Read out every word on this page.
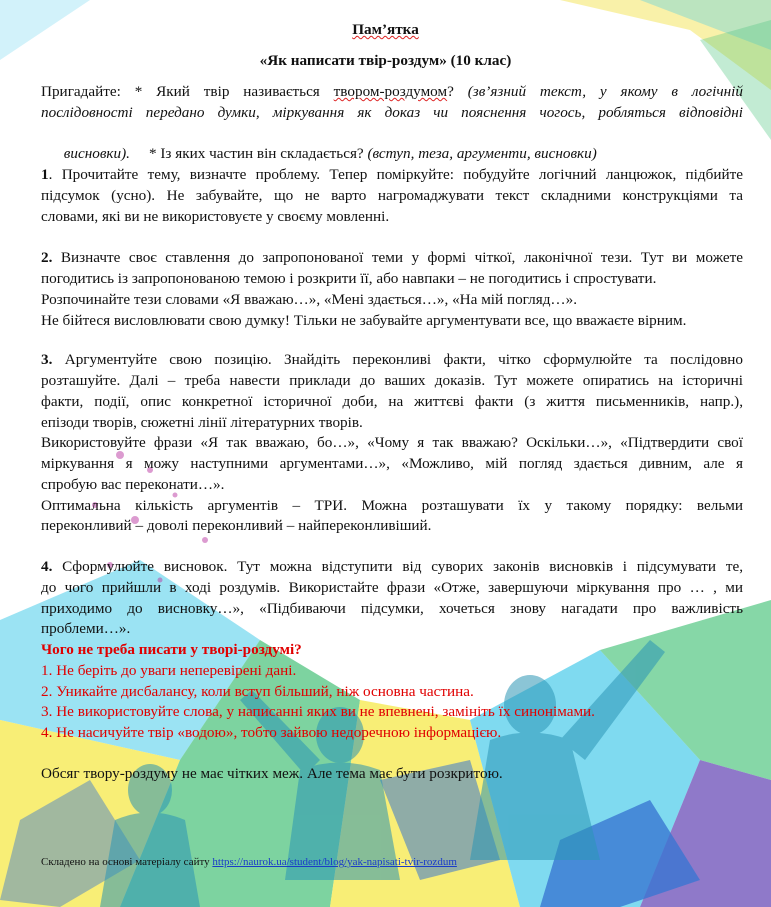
Пам’ятка
«Як написати твір-роздум» (10 клас)
Пригадайте: * Який твір називається твором-роздумом? (зв’язний текст, у якому в логічній
послідовності передано думки, міркування як доказ чи пояснення чогось, робляться відповідні

висновки).     * Із яких частин він складається? (вступ, теза, аргументи, висновки)

1. Прочитайте тему, визначте проблему. Тепер поміркуйте: побудуйте логічний ланцюжок, підбийте
підсумок (усно). Не забувайте, що не варто нагромаджувати текст складними конструкціями та
словами, які ви не використовуєте у своєму мовленні.
2. Визначте своє ставлення до запропонованої теми у формі чіткої, лаконічної тези. Тут ви можете
погодитись із запропонованою темою і розкрити її, або навпаки – не погодитись і спростувати.
Розпочинайте тези словами «Я вважаю…», «Мені здається…», «На мій погляд…».
Не бійтеся висловлювати свою думку! Тільки не забувайте аргументувати все, що вважаєте вірним.
3. Аргументуйте свою позицію. Знайдіть переконливі факти, чітко сформулюйте та послідовно
розташуйте. Далі – треба навести приклади до ваших доказів. Тут можете опиратись на історичні
факти, події, опис конкретної історичної доби, на життєві факти (з життя письменників, напр.),
епізоди творів, сюжетні лінії літературних творів.
Використовуйте фрази «Я так вважаю, бо…», «Чому я так вважаю? Оскільки…», «Підтвердити свої
міркування я можу наступними аргументами…», «Можливо, мій погляд здається дивним, але я
спробую вас переконати…».
Оптимальна кількість аргументів – ТРИ. Можна розташувати їх у такому порядку: вельми
переконливий – доволі переконливий – найпереконливіший.
4. Сформулюйте висновок. Тут можна відступити від суворих законів висновків і підсумувати те,
до чого прийшли в ході роздумів. Використайте фрази «Отже, завершуючи міркування про … , ми
приходимо до висновку…», «Підбиваючи підсумки, хочеться знову нагадати про важливість
проблеми…».
Чого не треба писати у творі-роздумі?
1. Не беріть до уваги неперевірені дані.
2. Уникайте дисбалансу, коли вступ більший, ніж основна частина.
3. Не використовуйте слова, у написанні яких ви не впевнені, замініть їх синонімами.
4. Не насичуйте твір «водою», тобто зайвою недоречною інформацією.
Обсяг твору-роздуму не має чітких меж. Але тема має бути розкритою.
Складено на основі матеріалу сайту https://naurok.ua/student/blog/yak-napisati-tvir-rozdum
